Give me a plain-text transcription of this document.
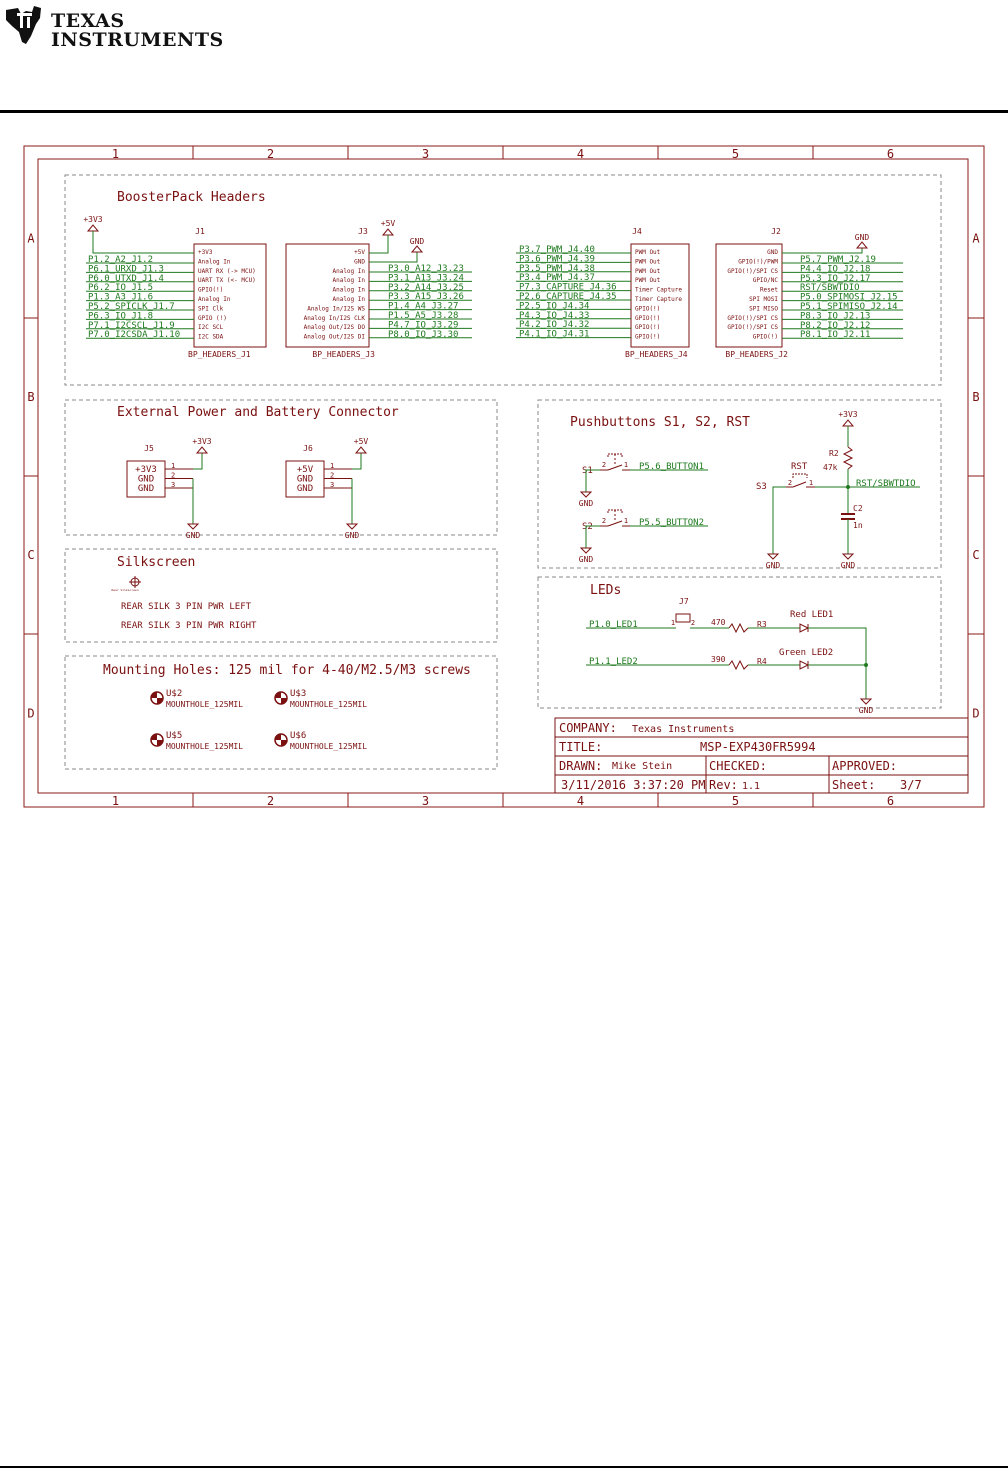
TEXAS
INSTRUMENTS
1
1
2
2
3
3
4
4
5
5
6
6
A	A
B	B
C	C
D	D
BoosterPack Headers
External Power and Battery Connector
Pushbuttons S1, S2, RST
Silkscreen
LEDs
Mounting Holes: 125 mil for 4-40/M2.5/M3 screws
J1
BP_HEADERS_J1
+3V3
Analog In
UART RX (-> MCU)
UART TX (<- MCU)
GPIO(!)
Analog In
SPI Clk
GPIO (!)
I2C SCL
I2C SDA
+3V3
P1.2_A2_J1.2
P6.1_URXD_J1.3
P6.0_UTXD_J1.4
P6.2_IO_J1.5
P1.3_A3_J1.6
P5.2_SPICLK_J1.7
P6.3_IO_J1.8
P7.1_I2CSCL_J1.9
P7.0_I2CSDA_J1.10
J3
BP_HEADERS_J3
+5V
GND
Analog In
Analog In
Analog In
Analog In
Analog In/I2S WS
Analog In/I2S CLK
Analog Out/I2S DO
Analog Out/I2S DI
+5V
GND
P3.0_A12_J3.23
P3.1_A13_J3.24
P3.2_A14_J3.25
P3.3_A15_J3.26
P1.4_A4_J3.27
P1.5_A5_J3.28
P4.7_IO_J3.29
P8.0_IO_J3.30
J4
BP_HEADERS_J4
PWM Out
PWM Out
PWM Out
PWM Out
Timer Capture
Timer Capture
GPIO(!)
GPIO(!)
GPIO(!)
GPIO(!)
P3.7_PWM_J4.40
P3.6_PWM_J4.39
P3.5_PWM_J4.38
P3.4_PWM_J4.37
P7.3_CAPTURE_J4.36
P2.6_CAPTURE_J4.35
P2.5_IO_J4.34
P4.3_IO_J4.33
P4.2_IO_J4.32
P4.1_IO_J4.31
J2
BP_HEADERS_J2
GND
GPIO(!)/PWM
GPIO(!)/SPI CS
GPIO/NC
Reset
SPI MOSI
SPI MISO
GPIO(!)/SPI CS
GPIO(!)/SPI CS
GPIO(!)
GND
P5.7_PWM_J2.19
P4.4_IO_J2.18
P5.3_IO_J2.17
RST/SBWTDIO
P5.0_SPIMOSI_J2.15
P5.1_SPIMISO_J2.14
P8.3_IO_J2.13
P8.2_IO_J2.12
P8.1_IO_J2.11
J5
+3V3 1
GND 2
GND 3
+3V3
GND
J6
+5V 1
GND 2
GND 3
+5V
GND
Rear Silkscreen
REAR SILK 3 PIN PWR LEFT
REAR SILK 3 PIN PWR RIGHT
U$2
MOUNTHOLE_125MIL
U$3
MOUNTHOLE_125MIL
U$5
MOUNTHOLE_125MIL
U$6
MOUNTHOLE_125MIL
S1
2	1 P5.6_BUTTON1
GND
S2
2	1 P5.5_BUTTON2
GND
S3
RST
2 1
GND
RST/SBWTDIO
+3V3
R2
47k
C2
1n
GND
J7
1 2
P1.0_LED1	470	R3
Red LED1
P1.1_LED2	390	R4
Green LED2
GND
COMPANY: Texas Instruments
TITLE:	MSP-EXP430FR5994
DRAWN: Mike Stein	CHECKED:	APPROVED:
3/11/2016 3:37:20 PM Rev: 1.1	Sheet: 3/7
